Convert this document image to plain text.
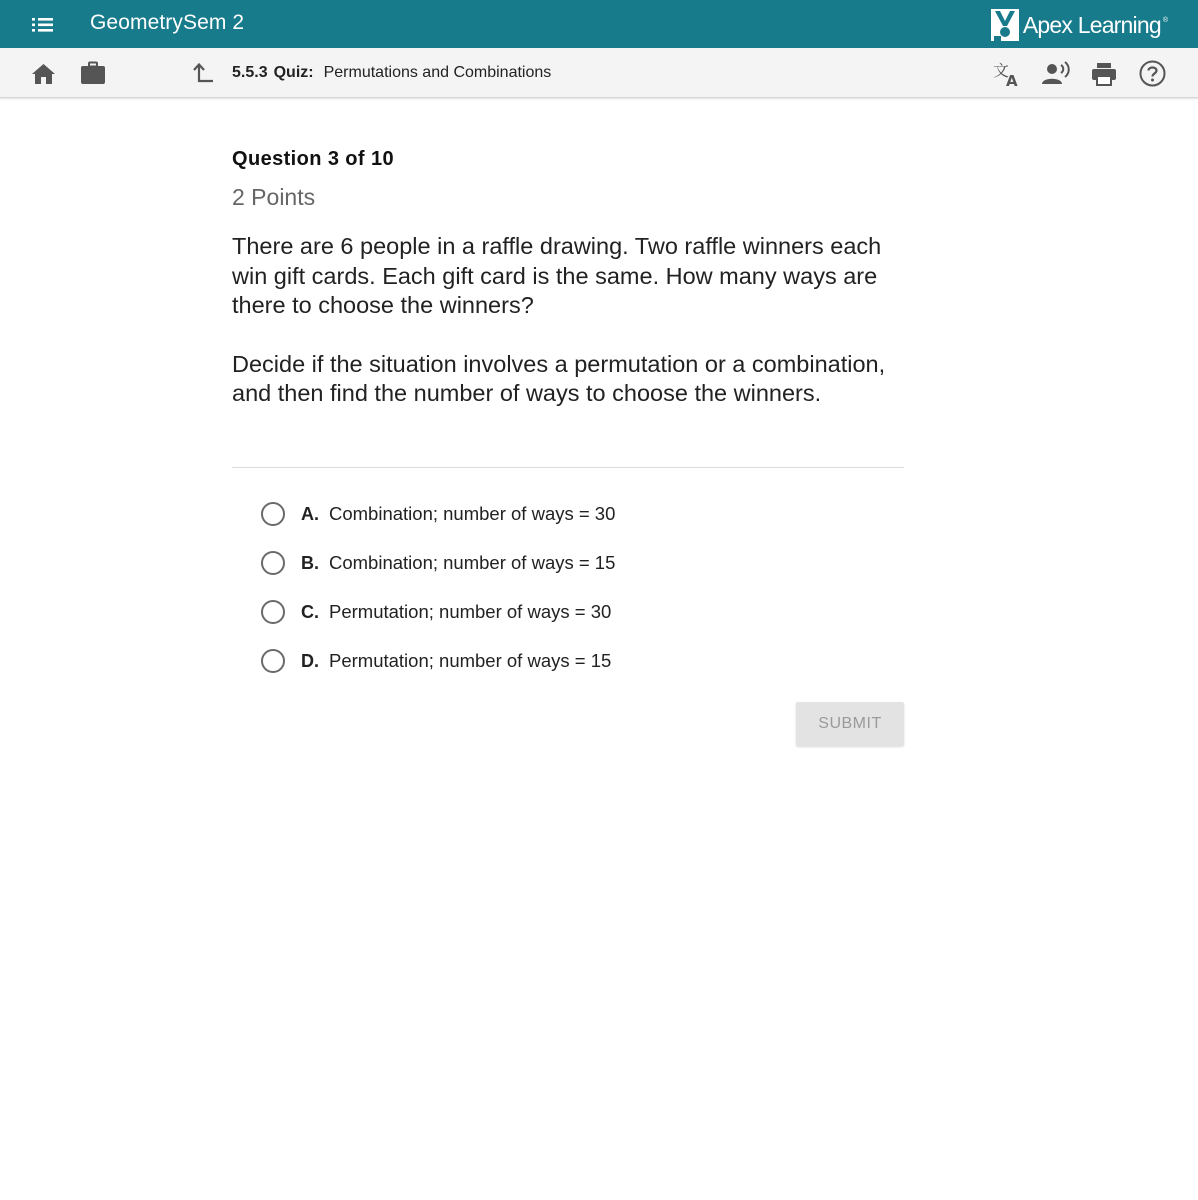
GeometrySem 2	Apex Learning ®
5.5.3 Quiz: Permutations and Combinations	文
A
Question 3 of 10
2 Points

There are 6 people in a raffle drawing. Two raffle winners each win gift cards. Each gift card is the same. How many ways are there to choose the winners?

Decide if the situation involves a permutation or a combination, and then find the number of ways to choose the winners.

A. Combination; number of ways = 30
B. Combination; number of ways = 15
C. Permutation; number of ways = 30
D. Permutation; number of ways = 15
SUBMIT
